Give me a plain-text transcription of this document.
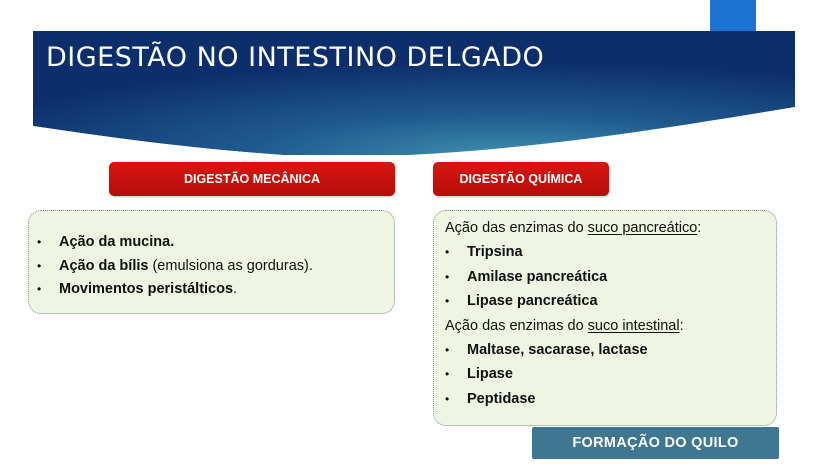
DIGESTÃO NO INTESTINO DELGADO
DIGESTÃO MECÂNICA	DIGESTÃO QUÍMICA
•	Ação da mucina.
•	Ação da bílis (emulsiona as gorduras).
•	Movimentos peristálticos.
Ação das enzimas do suco pancreático:
•	Tripsina
•	Amilase pancreática
•	Lipase pancreática
Ação das enzimas do suco intestinal:
•	Maltase, sacarase, lactase
•	Lipase
•	Peptidase
FORMAÇÃO DO QUILO
